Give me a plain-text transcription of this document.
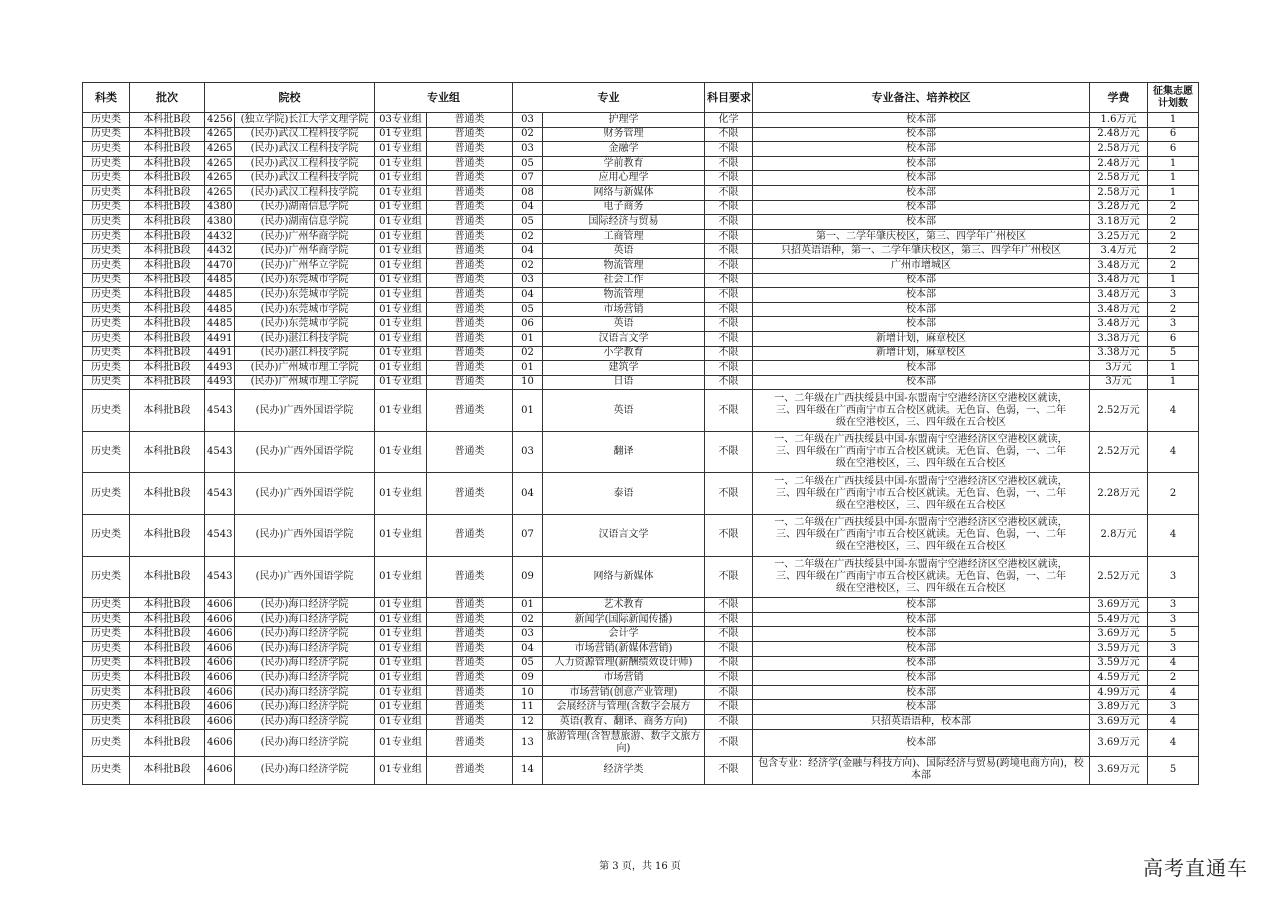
科类	批次	院校		专业组		专业		科目要求	专业备注、培养校区	学费	征集志愿计划数
历史类	本科批B段	4256	(独立学院)长江大学文理学院	03专业组	普通类	03	护理学	化学	校本部	1.6万元	1
历史类	本科批B段	4265	(民办)武汉工程科技学院	01专业组	普通类	02	财务管理	不限	校本部	2.48万元	6
历史类	本科批B段	4265	(民办)武汉工程科技学院	01专业组	普通类	03	金融学	不限	校本部	2.58万元	6
历史类	本科批B段	4265	(民办)武汉工程科技学院	01专业组	普通类	05	学前教育	不限	校本部	2.48万元	1
历史类	本科批B段	4265	(民办)武汉工程科技学院	01专业组	普通类	07	应用心理学	不限	校本部	2.58万元	1
历史类	本科批B段	4265	(民办)武汉工程科技学院	01专业组	普通类	08	网络与新媒体	不限	校本部	2.58万元	1
历史类	本科批B段	4380	(民办)湖南信息学院	01专业组	普通类	04	电子商务	不限	校本部	3.28万元	2
历史类	本科批B段	4380	(民办)湖南信息学院	01专业组	普通类	05	国际经济与贸易	不限	校本部	3.18万元	2
历史类	本科批B段	4432	(民办)广州华商学院	01专业组	普通类	02	工商管理	不限	第一、二学年肇庆校区，第三、四学年广州校区	3.25万元	2
历史类	本科批B段	4432	(民办)广州华商学院	01专业组	普通类	04	英语	不限	只招英语语种，第一、二学年肇庆校区，第三、四学年广州校区	3.4万元	2
历史类	本科批B段	4470	(民办)广州华立学院	01专业组	普通类	02	物流管理	不限	广州市增城区	3.48万元	2
历史类	本科批B段	4485	(民办)东莞城市学院	01专业组	普通类	03	社会工作	不限	校本部	3.48万元	1
历史类	本科批B段	4485	(民办)东莞城市学院	01专业组	普通类	04	物流管理	不限	校本部	3.48万元	3
历史类	本科批B段	4485	(民办)东莞城市学院	01专业组	普通类	05	市场营销	不限	校本部	3.48万元	2
历史类	本科批B段	4485	(民办)东莞城市学院	01专业组	普通类	06	英语	不限	校本部	3.48万元	3
历史类	本科批B段	4491	(民办)湛江科技学院	01专业组	普通类	01	汉语言文学	不限	新增计划，麻章校区	3.38万元	6
历史类	本科批B段	4491	(民办)湛江科技学院	01专业组	普通类	02	小学教育	不限	新增计划，麻章校区	3.38万元	5
历史类	本科批B段	4493	(民办)广州城市理工学院	01专业组	普通类	01	建筑学	不限	校本部	3万元	1
历史类	本科批B段	4493	(民办)广州城市理工学院	01专业组	普通类	10	日语	不限	校本部	3万元	1
历史类	本科批B段	4543	(民办)广西外国语学院	01专业组	普通类	01	英语	不限	一、二年级在广西扶绥县中国-东盟南宁空港经济区空港校区就读，
三、四年级在广西南宁市五合校区就读。无色盲、色弱，一、二年
级在空港校区，三、四年级在五合校区	2.52万元	4
历史类	本科批B段	4543	(民办)广西外国语学院	01专业组	普通类	03	翻译	不限	一、二年级在广西扶绥县中国-东盟南宁空港经济区空港校区就读，
三、四年级在广西南宁市五合校区就读。无色盲、色弱，一、二年
级在空港校区，三、四年级在五合校区	2.52万元	4
历史类	本科批B段	4543	(民办)广西外国语学院	01专业组	普通类	04	泰语	不限	一、二年级在广西扶绥县中国-东盟南宁空港经济区空港校区就读，
三、四年级在广西南宁市五合校区就读。无色盲、色弱，一、二年
级在空港校区，三、四年级在五合校区	2.28万元	2
历史类	本科批B段	4543	(民办)广西外国语学院	01专业组	普通类	07	汉语言文学	不限	一、二年级在广西扶绥县中国-东盟南宁空港经济区空港校区就读，
三、四年级在广西南宁市五合校区就读。无色盲、色弱，一、二年
级在空港校区，三、四年级在五合校区	2.8万元	4
历史类	本科批B段	4543	(民办)广西外国语学院	01专业组	普通类	09	网络与新媒体	不限	一、二年级在广西扶绥县中国-东盟南宁空港经济区空港校区就读，
三、四年级在广西南宁市五合校区就读。无色盲、色弱，一、二年
级在空港校区，三、四年级在五合校区	2.52万元	3
历史类	本科批B段	4606	(民办)海口经济学院	01专业组	普通类	01	艺术教育	不限	校本部	3.69万元	3
历史类	本科批B段	4606	(民办)海口经济学院	01专业组	普通类	02	新闻学(国际新闻传播)	不限	校本部	5.49万元	3
历史类	本科批B段	4606	(民办)海口经济学院	01专业组	普通类	03	会计学	不限	校本部	3.69万元	5
历史类	本科批B段	4606	(民办)海口经济学院	01专业组	普通类	04	市场营销(新媒体营销)	不限	校本部	3.59万元	3
历史类	本科批B段	4606	(民办)海口经济学院	01专业组	普通类	05	人力资源管理(薪酬绩效设计师)	不限	校本部	3.59万元	4
历史类	本科批B段	4606	(民办)海口经济学院	01专业组	普通类	09	市场营销	不限	校本部	4.59万元	2
历史类	本科批B段	4606	(民办)海口经济学院	01专业组	普通类	10	市场营销(创意产业管理)	不限	校本部	4.99万元	4
历史类	本科批B段	4606	(民办)海口经济学院	01专业组	普通类	11	会展经济与管理(含数字会展方	不限	校本部	3.89万元	3
历史类	本科批B段	4606	(民办)海口经济学院	01专业组	普通类	12	英语(教育、翻译、商务方向)	不限	只招英语语种，校本部	3.69万元	4
历史类	本科批B段	4606	(民办)海口经济学院	01专业组	普通类	13	旅游管理(含智慧旅游、数字文旅方向)	不限	校本部	3.69万元	4
历史类	本科批B段	4606	(民办)海口经济学院	01专业组	普通类	14	经济学类	不限	包含专业：经济学(金融与科技方向)、国际经济与贸易(跨境电商方向)，校本部	3.69万元	5
第 3 页，共 16 页	高考直通车
